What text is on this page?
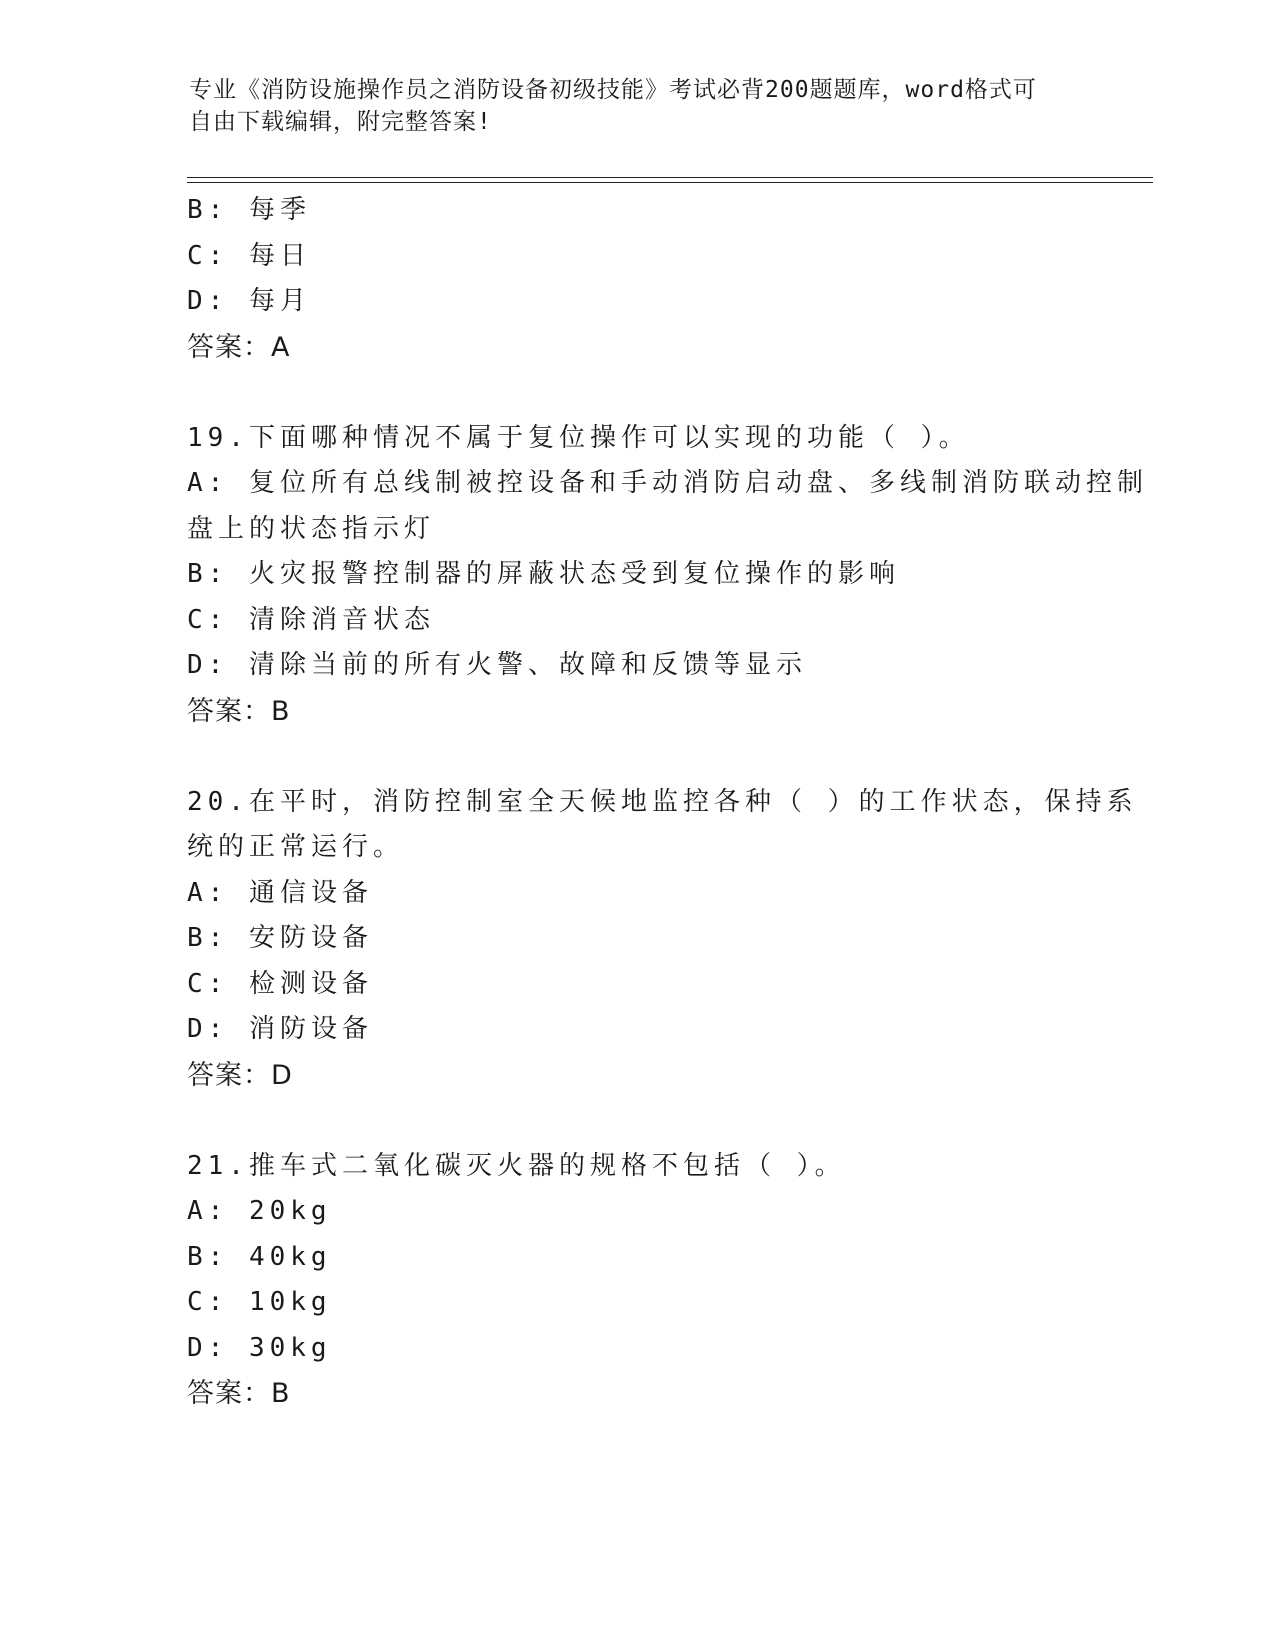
专业《消防设施操作员之消防设备初级技能》考试必背200题题库，word格式可
自由下载编辑，附完整答案!
B: 每季
C: 每日
D: 每月
答案：A
19.下面哪种情况不属于复位操作可以实现的功能（ ）。
A: 复位所有总线制被控设备和手动消防启动盘、多线制消防联动控制
盘上的状态指示灯
B: 火灾报警控制器的屏蔽状态受到复位操作的影响
C: 清除消音状态
D: 清除当前的所有火警、故障和反馈等显示
答案：B
20.在平时，消防控制室全天候地监控各种（ ）的工作状态，保持系
统的正常运行。
A: 通信设备
B: 安防设备
C: 检测设备
D: 消防设备
答案：D
21.推车式二氧化碳灭火器的规格不包括（ ）。
A: 20kg
B: 40kg
C: 10kg
D: 30kg
答案：B
